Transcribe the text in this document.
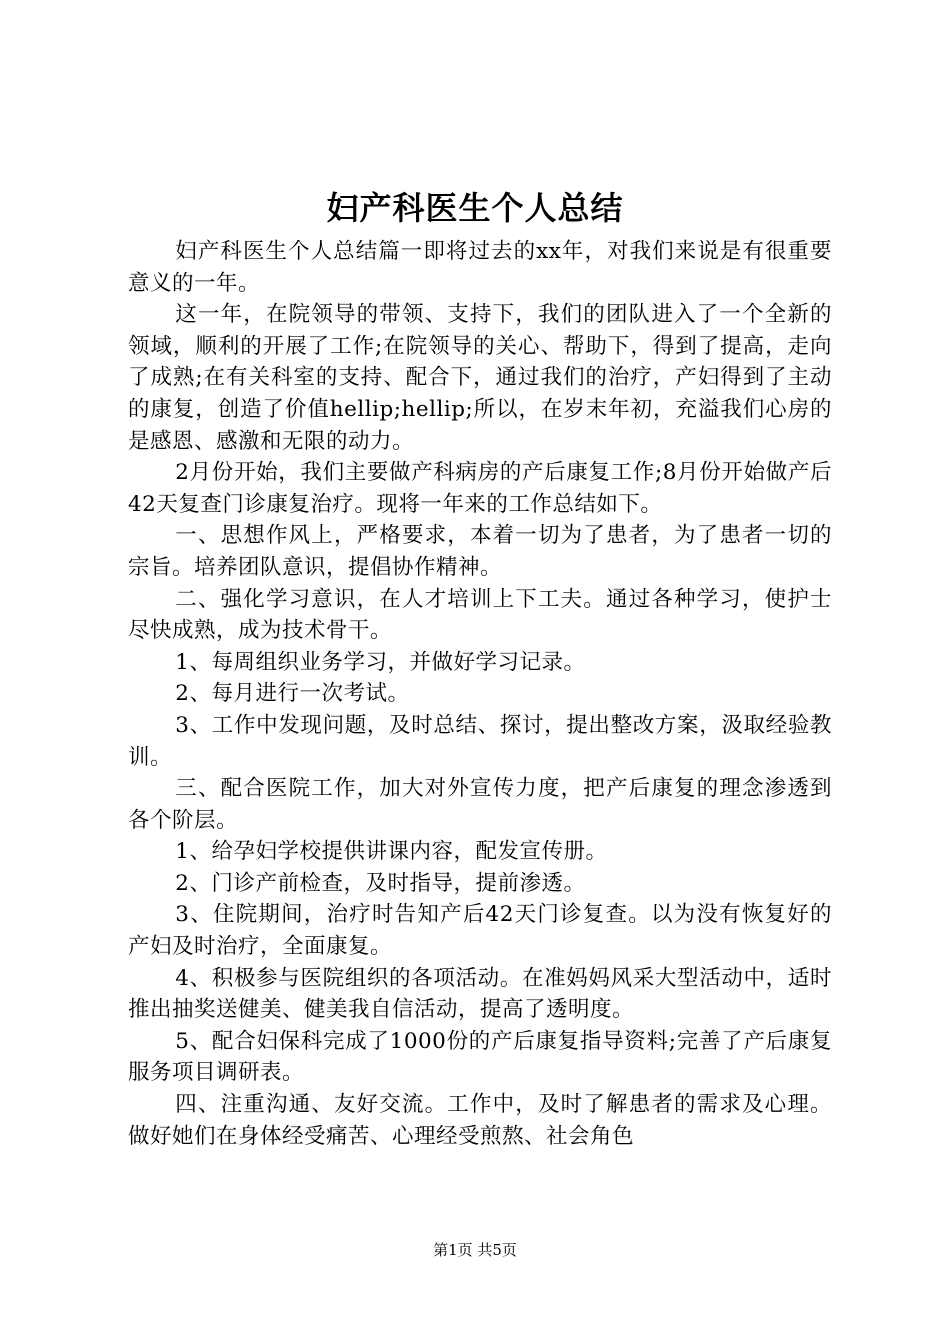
妇产科医生个人总结

妇产科医生个人总结篇一即将过去的xx年，对我们来说是有很重要意义的一年。

这一年，在院领导的带领、支持下，我们的团队进入了一个全新的领域，顺利的开展了工作;在院领导的关心、帮助下，得到了提高，走向了成熟;在有关科室的支持、配合下，通过我们的治疗，产妇得到了主动的康复，创造了价值hellip;hellip;所以，在岁末年初，充溢我们心房的是感恩、感激和无限的动力。

2月份开始，我们主要做产科病房的产后康复工作;8月份开始做产后42天复查门诊康复治疗。现将一年来的工作总结如下。

一、思想作风上，严格要求，本着一切为了患者，为了患者一切的宗旨。培养团队意识，提倡协作精神。

二、强化学习意识，在人才培训上下工夫。通过各种学习，使护士尽快成熟，成为技术骨干。

1、每周组织业务学习，并做好学习记录。

2、每月进行一次考试。

3、工作中发现问题，及时总结、探讨，提出整改方案，汲取经验教训。

三、配合医院工作，加大对外宣传力度，把产后康复的理念渗透到各个阶层。

1、给孕妇学校提供讲课内容，配发宣传册。

2、门诊产前检查，及时指导，提前渗透。

3、住院期间，治疗时告知产后42天门诊复查。以为没有恢复好的产妇及时治疗，全面康复。

4、积极参与医院组织的各项活动。在准妈妈风采大型活动中，适时推出抽奖送健美、健美我自信活动，提高了透明度。

5、配合妇保科完成了1000份的产后康复指导资料;完善了产后康复服务项目调研表。

四、注重沟通、友好交流。工作中，及时了解患者的需求及心理。做好她们在身体经受痛苦、心理经受煎熬、社会角色

第1页 共5页
